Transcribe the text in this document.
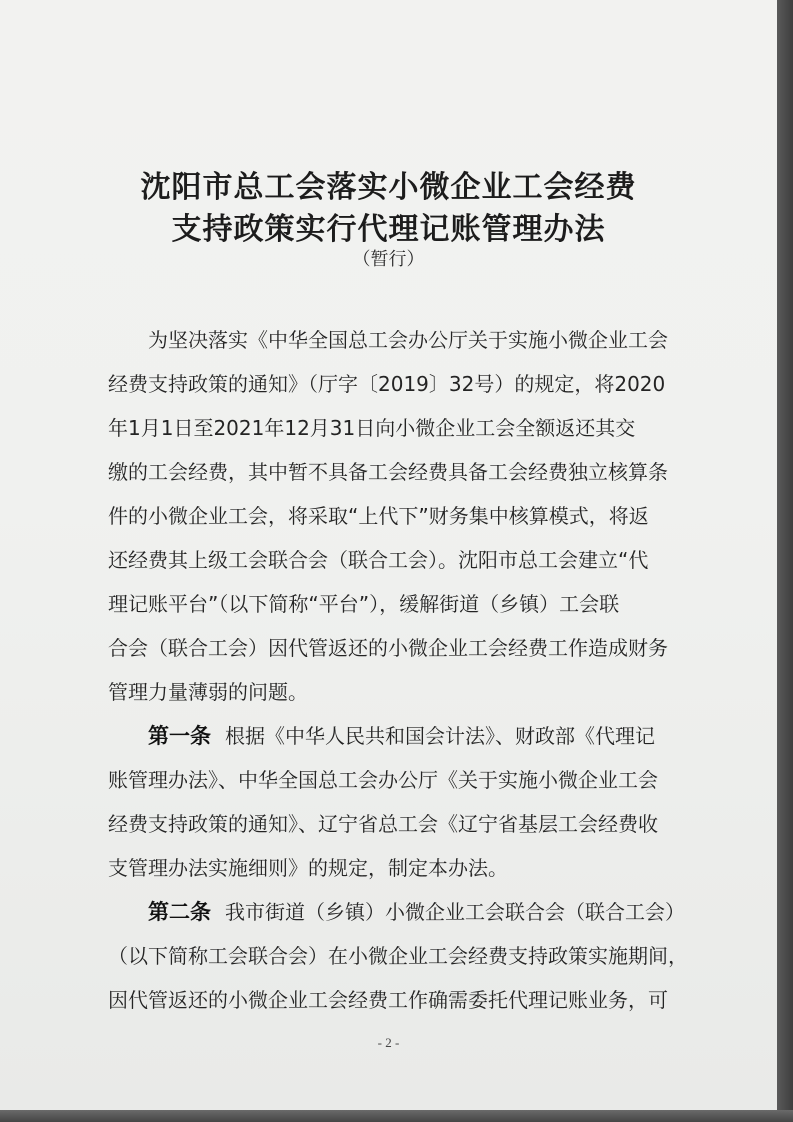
沈阳市总工会落实小微企业工会经费
支持政策实行代理记账管理办法
（暂行）
为坚决落实《中华全国总工会办公厅关于实施小微企业工会
经费支持政策的通知》（厅字〔2019〕32号）的规定，将2020
年1月1日至2021年12月31日向小微企业工会全额返还其交
缴的工会经费，其中暂不具备工会经费具备工会经费独立核算条
件的小微企业工会，将采取“上代下”财务集中核算模式，将返
还经费其上级工会联合会（联合工会）。沈阳市总工会建立“代
理记账平台”（以下简称“平台”），缓解街道（乡镇）工会联
合会（联合工会）因代管返还的小微企业工会经费工作造成财务
管理力量薄弱的问题。
第一条 根据《中华人民共和国会计法》、财政部《代理记
账管理办法》、中华全国总工会办公厅《关于实施小微企业工会
经费支持政策的通知》、辽宁省总工会《辽宁省基层工会经费收
支管理办法实施细则》的规定，制定本办法。
第二条 我市街道（乡镇）小微企业工会联合会（联合工会）
（以下简称工会联合会）在小微企业工会经费支持政策实施期间，
因代管返还的小微企业工会经费工作确需委托代理记账业务，可
- 2 -
